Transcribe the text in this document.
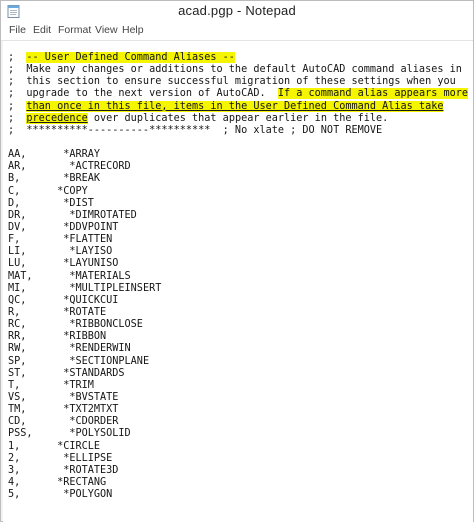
acad.pgp - Notepad
File Edit Format View Help
;  -- User Defined Command Aliases --
;  Make any changes or additions to the default AutoCAD command aliases in
;  this section to ensure successful migration of these settings when you
;  upgrade to the next version of AutoCAD.  If a command alias appears more
;  than once in this file, items in the User Defined Command Alias take
;  precedence over duplicates that appear earlier in the file.
;  **********----------**********  ; No xlate ; DO NOT REMOVE
AA,	*ARRAY
AR,	*ACTRECORD
B,	*BREAK
C,	*COPY
D,	*DIST
DR,	*DIMROTATED
DV,	*DDVPOINT
F,	*FLATTEN
LI,	*LAYISO
LU,	*LAYUNISO
MAT,	*MATERIALS
MI,	*MULTIPLEINSERT
QC,	*QUICKCUI
R,	*ROTATE
RC,	*RIBBONCLOSE
RR,	*RIBBON
RW,	*RENDERWIN
SP,	*SECTIONPLANE
ST,	*STANDARDS
T,	*TRIM
VS,	*BVSTATE
TM,	*TXT2MTXT
CD,	*CDORDER
PSS,	*POLYSOLID
1,	*CIRCLE
2,	*ELLIPSE
3,	*ROTATE3D
4,	*RECTANG
5,	*POLYGON
